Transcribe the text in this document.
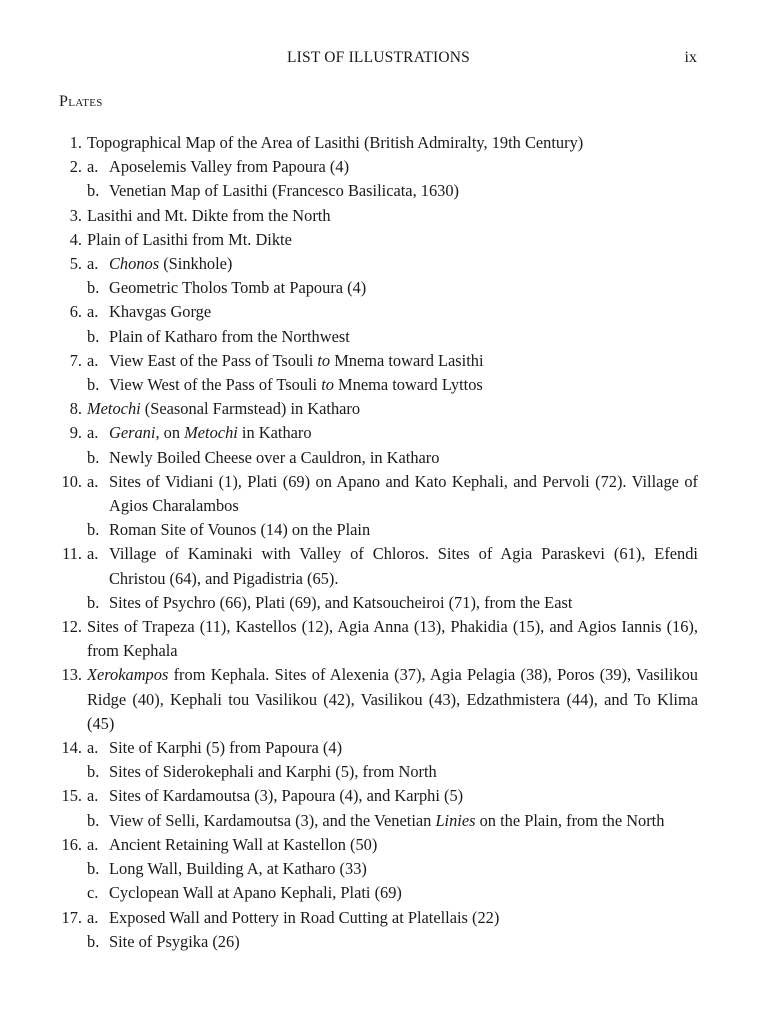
LIST OF ILLUSTRATIONS	ix
Plates
1. Topographical Map of the Area of Lasithi (British Admiralty, 19th Century)
2. a. Aposelemis Valley from Papoura (4)
b. Venetian Map of Lasithi (Francesco Basilicata, 1630)
3. Lasithi and Mt. Dikte from the North
4. Plain of Lasithi from Mt. Dikte
5. a. Chonos (Sinkhole)
b. Geometric Tholos Tomb at Papoura (4)
6. a. Khavgas Gorge
b. Plain of Katharo from the Northwest
7. a. View East of the Pass of Tsouli to Mnema toward Lasithi
b. View West of the Pass of Tsouli to Mnema toward Lyttos
8. Metochi (Seasonal Farmstead) in Katharo
9. a. Gerani, on Metochi in Katharo
b. Newly Boiled Cheese over a Cauldron, in Katharo
10. a. Sites of Vidiani (1), Plati (69) on Apano and Kato Kephali, and Pervoli (72). Village of Agios Charalambos
b. Roman Site of Vounos (14) on the Plain
11. a. Village of Kaminaki with Valley of Chloros. Sites of Agia Paraskevi (61), Efendi Christou (64), and Pigadistria (65).
b. Sites of Psychro (66), Plati (69), and Katsoucheiroi (71), from the East
12. Sites of Trapeza (11), Kastellos (12), Agia Anna (13), Phakidia (15), and Agios Iannis (16), from Kephala
13. Xerokampos from Kephala. Sites of Alexenia (37), Agia Pelagia (38), Poros (39), Vasilikou Ridge (40), Kephali tou Vasilikou (42), Vasilikou (43), Edzathmistera (44), and To Klima (45)
14. a. Site of Karphi (5) from Papoura (4)
b. Sites of Siderokephali and Karphi (5), from North
15. a. Sites of Kardamoutsa (3), Papoura (4), and Karphi (5)
b. View of Selli, Kardamoutsa (3), and the Venetian Linies on the Plain, from the North
16. a. Ancient Retaining Wall at Kastellon (50)
b. Long Wall, Building A, at Katharo (33)
c. Cyclopean Wall at Apano Kephali, Plati (69)
17. a. Exposed Wall and Pottery in Road Cutting at Platellais (22)
b. Site of Psygika (26)
